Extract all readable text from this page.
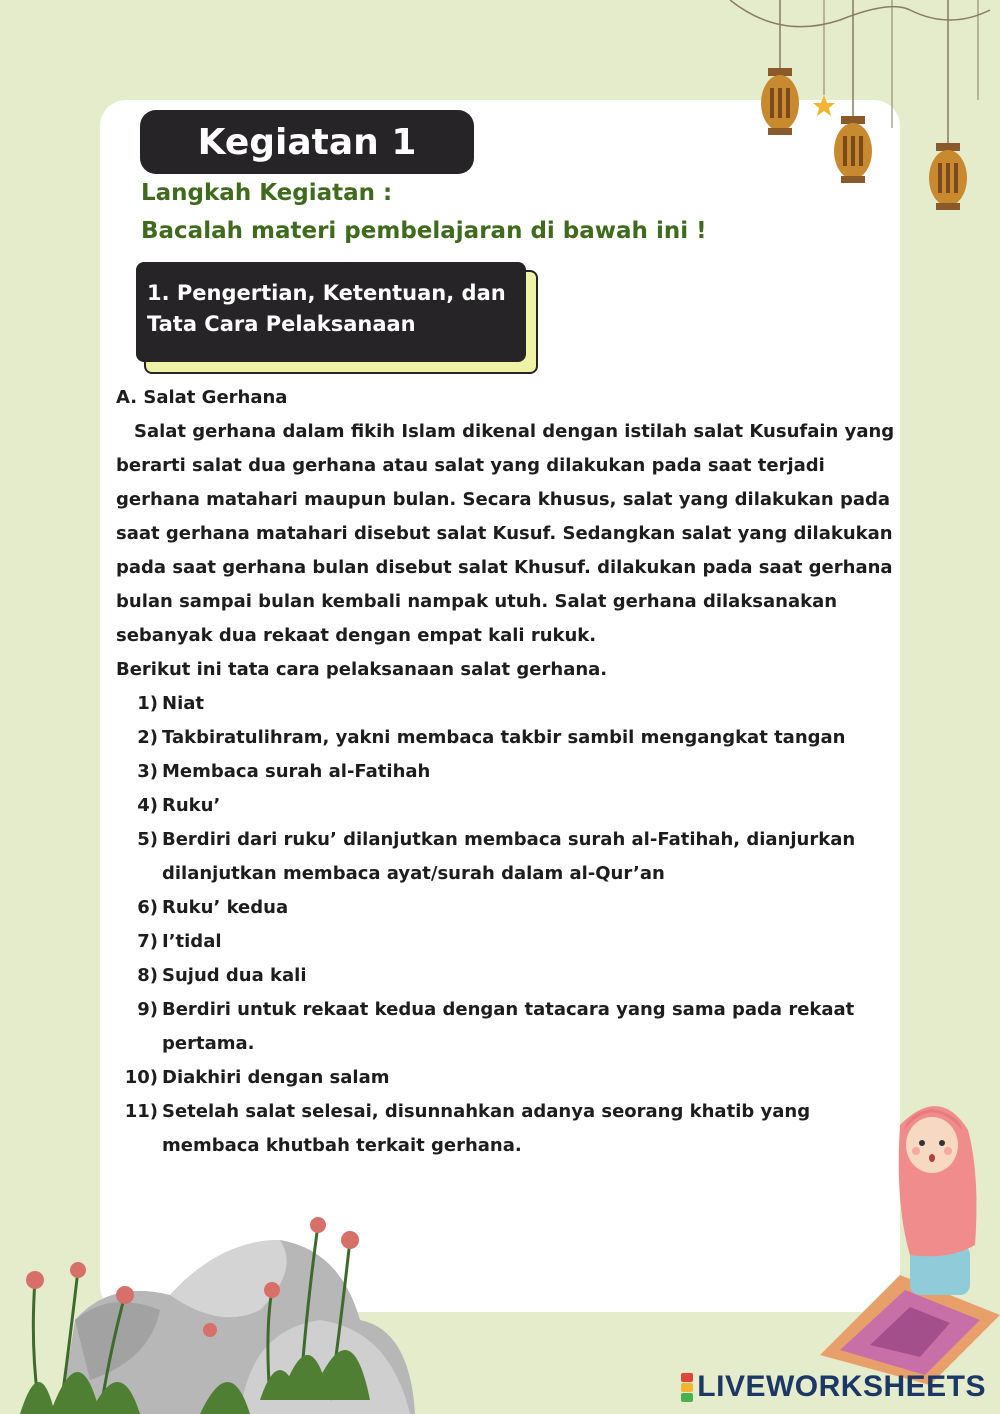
Kegiatan 1
Langkah Kegiatan :
Bacalah materi pembelajaran di bawah ini !
1. Pengertian, Ketentuan, dan
Tata Cara Pelaksanaan

A. Salat Gerhana

Salat gerhana dalam fikih Islam dikenal dengan istilah salat Kusufain yang berarti salat dua gerhana atau salat yang dilakukan pada saat terjadi gerhana matahari maupun bulan. Secara khusus, salat yang dilakukan pada saat gerhana matahari disebut salat Kusuf. Sedangkan salat yang dilakukan pada saat gerhana bulan disebut salat Khusuf. dilakukan pada saat gerhana bulan sampai bulan kembali nampak utuh. Salat gerhana dilaksanakan sebanyak dua rekaat dengan empat kali rukuk.

Berikut ini tata cara pelaksanaan salat gerhana.

1) Niat
2) Takbiratulihram, yakni membaca takbir sambil mengangkat tangan
3) Membaca surah al-Fatihah
4) Ruku’
5) Berdiri dari ruku’ dilanjutkan membaca surah al-Fatihah, dianjurkan dilanjutkan membaca ayat/surah dalam al-Qur’an
6) Ruku’ kedua
7) I’tidal
8) Sujud dua kali
9) Berdiri untuk rekaat kedua dengan tatacara yang sama pada rekaat pertama.
10) Diakhiri dengan salam
11) Setelah salat selesai, disunnahkan adanya seorang khatib yang membaca khutbah terkait gerhana.
LIVEWORKSHEETS
